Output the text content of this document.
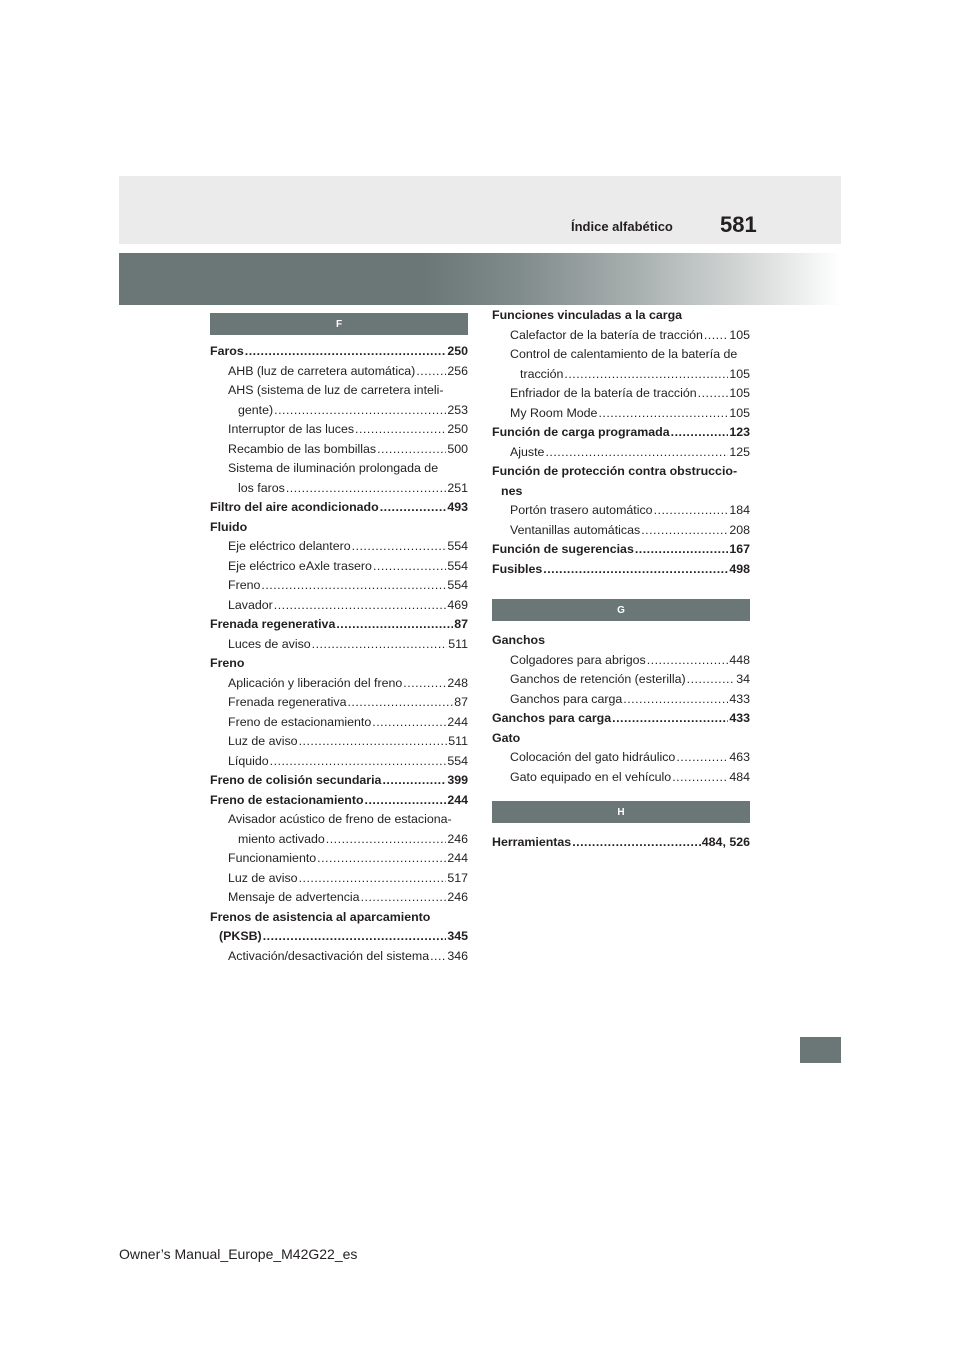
Índice alfabético 581
F
Faros .....	250
AHB (luz de carretera automática) .....	256
AHS (sistema de luz de carretera inteli-
gente) .....	253
Interruptor de las luces .....	250
Recambio de las bombillas .....	500
Sistema de iluminación prolongada de
los faros .....	251
Filtro del aire acondicionado .....	493
Fluido
Eje eléctrico delantero .....	554
Eje eléctrico eAxle trasero .....	554
Freno .....	554
Lavador .....	469
Frenada regenerativa .....	87
Luces de aviso .....	511
Freno
Aplicación y liberación del freno .....	248
Frenada regenerativa .....	87
Freno de estacionamiento .....	244
Luz de aviso .....	511
Líquido .....	554
Freno de colisión secundaria .....	399
Freno de estacionamiento .....	244
Avisador acústico de freno de estaciona-
miento activado .....	246
Funcionamiento .....	244
Luz de aviso .....	517
Mensaje de advertencia .....	246
Frenos de asistencia al aparcamiento
(PKSB) .....	345
Activación/desactivación del sistema ..... 346
Funciones vinculadas a la carga
Calefactor de la batería de tracción ..... 105
Control de calentamiento de la batería de
tracción .....	105
Enfriador de la batería de tracción .....	105
My Room Mode .....	105
Función de carga programada .....	123
Ajuste .....	125
Función de protección contra obstruccio-
nes
Portón trasero automático .....	184
Ventanillas automáticas .....	208
Función de sugerencias .....	167
Fusibles .....	498
G
Ganchos
Colgadores para abrigos .....	448
Ganchos de retención (esterilla) .....	34
Ganchos para carga .....	433
Ganchos para carga .....	433
Gato
Colocación del gato hidráulico .....	463
Gato equipado en el vehículo .....	484
H
Herramientas .....	484, 526
Owner’s Manual_Europe_M42G22_es
